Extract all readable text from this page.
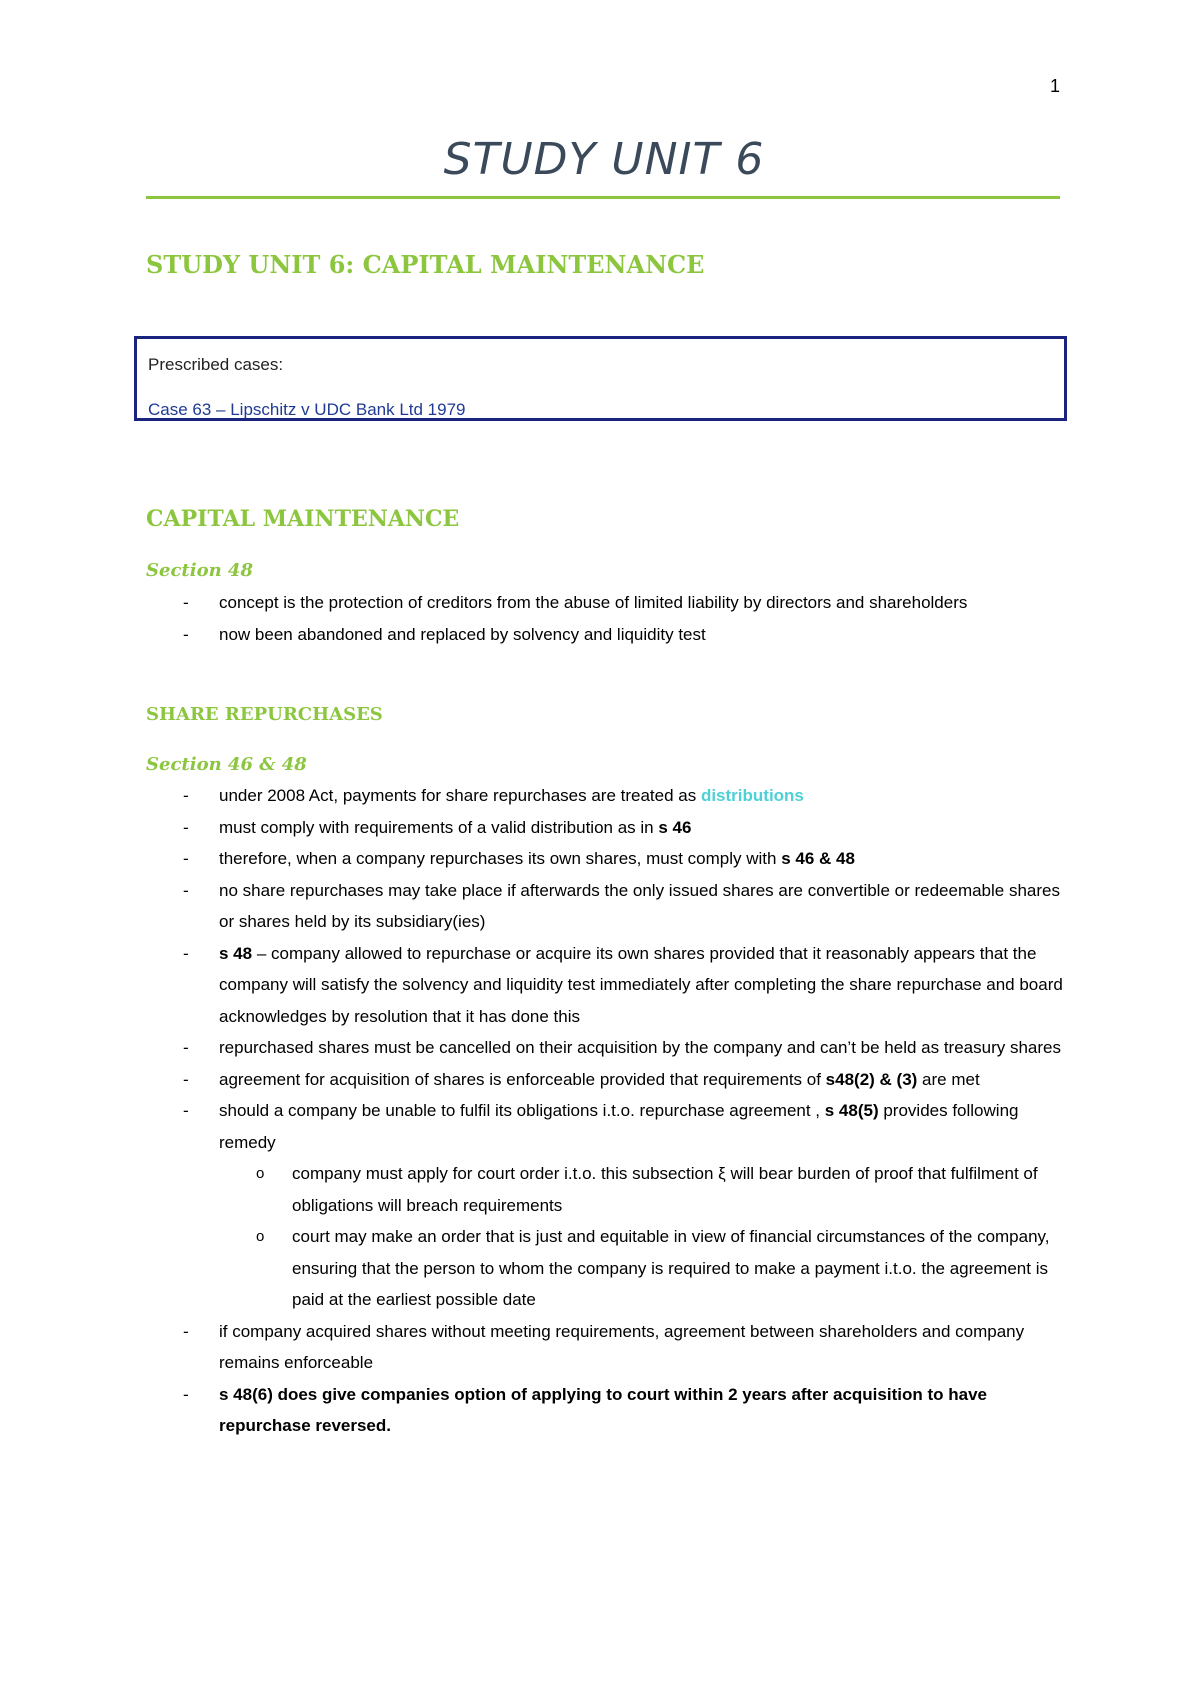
1
STUDY UNIT 6
STUDY UNIT 6: CAPITAL MAINTENANCE
Prescribed cases:
Case 63 – Lipschitz v UDC Bank Ltd 1979
CAPITAL MAINTENANCE
Section 48
- concept is the protection of creditors from the abuse of limited liability by directors and shareholders
- now been abandoned and replaced by solvency and liquidity test
SHARE REPURCHASES
Section 46 & 48
- under 2008 Act, payments for share repurchases are treated as distributions
- must comply with requirements of a valid distribution as in s 46
- therefore, when a company repurchases its own shares, must comply with s 46 & 48
- no share repurchases may take place if afterwards the only issued shares are convertible or redeemable shares or shares held by its subsidiary(ies)
- s 48 – company allowed to repurchase or acquire its own shares provided that it reasonably appears that the company will satisfy the solvency and liquidity test immediately after completing the share repurchase and board acknowledges by resolution that it has done this
- repurchased shares must be cancelled on their acquisition by the company and can’t be held as treasury shares
- agreement for acquisition of shares is enforceable provided that requirements of s48(2) & (3) are met
- should a company be unable to fulfil its obligations i.t.o. repurchase agreement , s 48(5) provides following remedy
o company must apply for court order i.t.o. this subsection ξ will bear burden of proof that fulfilment of obligations will breach requirements
o court may make an order that is just and equitable in view of financial circumstances of the company, ensuring that the person to whom the company is required to make a payment i.t.o. the agreement is paid at the earliest possible date
- if company acquired shares without meeting requirements, agreement between shareholders and company remains enforceable
- s 48(6) does give companies option of applying to court within 2 years after acquisition to have repurchase reversed.
